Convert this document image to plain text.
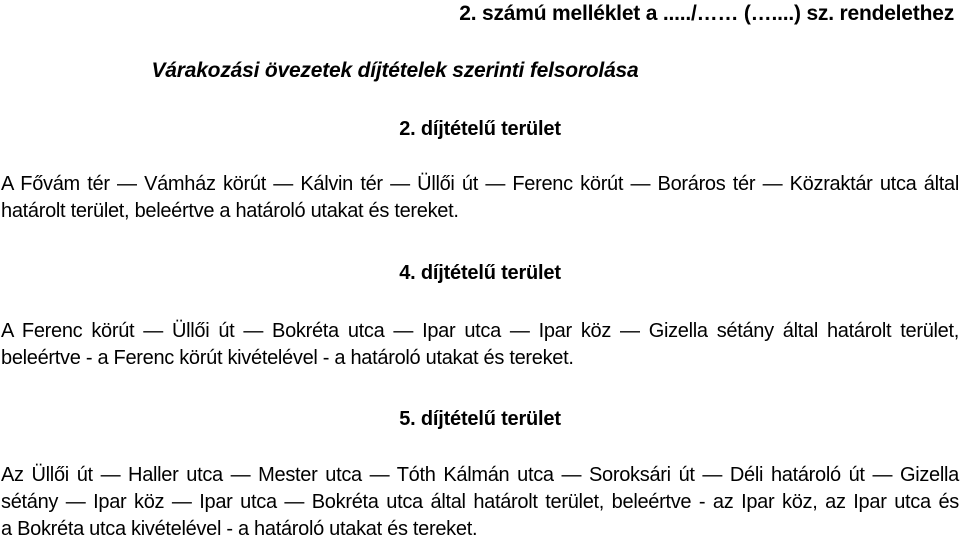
2. számú melléklet a ...../…… (…....) sz. rendelethez
Várakozási övezetek díjtételek szerinti felsorolása
2. díjtételű terület

A Fővám tér — Vámház körút — Kálvin tér — Üllői út — Ferenc körút — Boráros tér — Közraktár utca által
határolt terület, beleértve a határoló utakat és tereket.

4. díjtételű terület

A Ferenc körút — Üllői út — Bokréta utca — Ipar utca — Ipar köz — Gizella sétány által határolt terület,
beleértve - a Ferenc körút kivételével - a határoló utakat és tereket.

5. díjtételű terület

Az Üllői út — Haller utca — Mester utca — Tóth Kálmán utca — Soroksári út — Déli határoló út — Gizella
sétány — Ipar köz — Ipar utca — Bokréta utca által határolt terület, beleértve - az Ipar köz, az Ipar utca és
a Bokréta utca kivételével - a határoló utakat és tereket.
